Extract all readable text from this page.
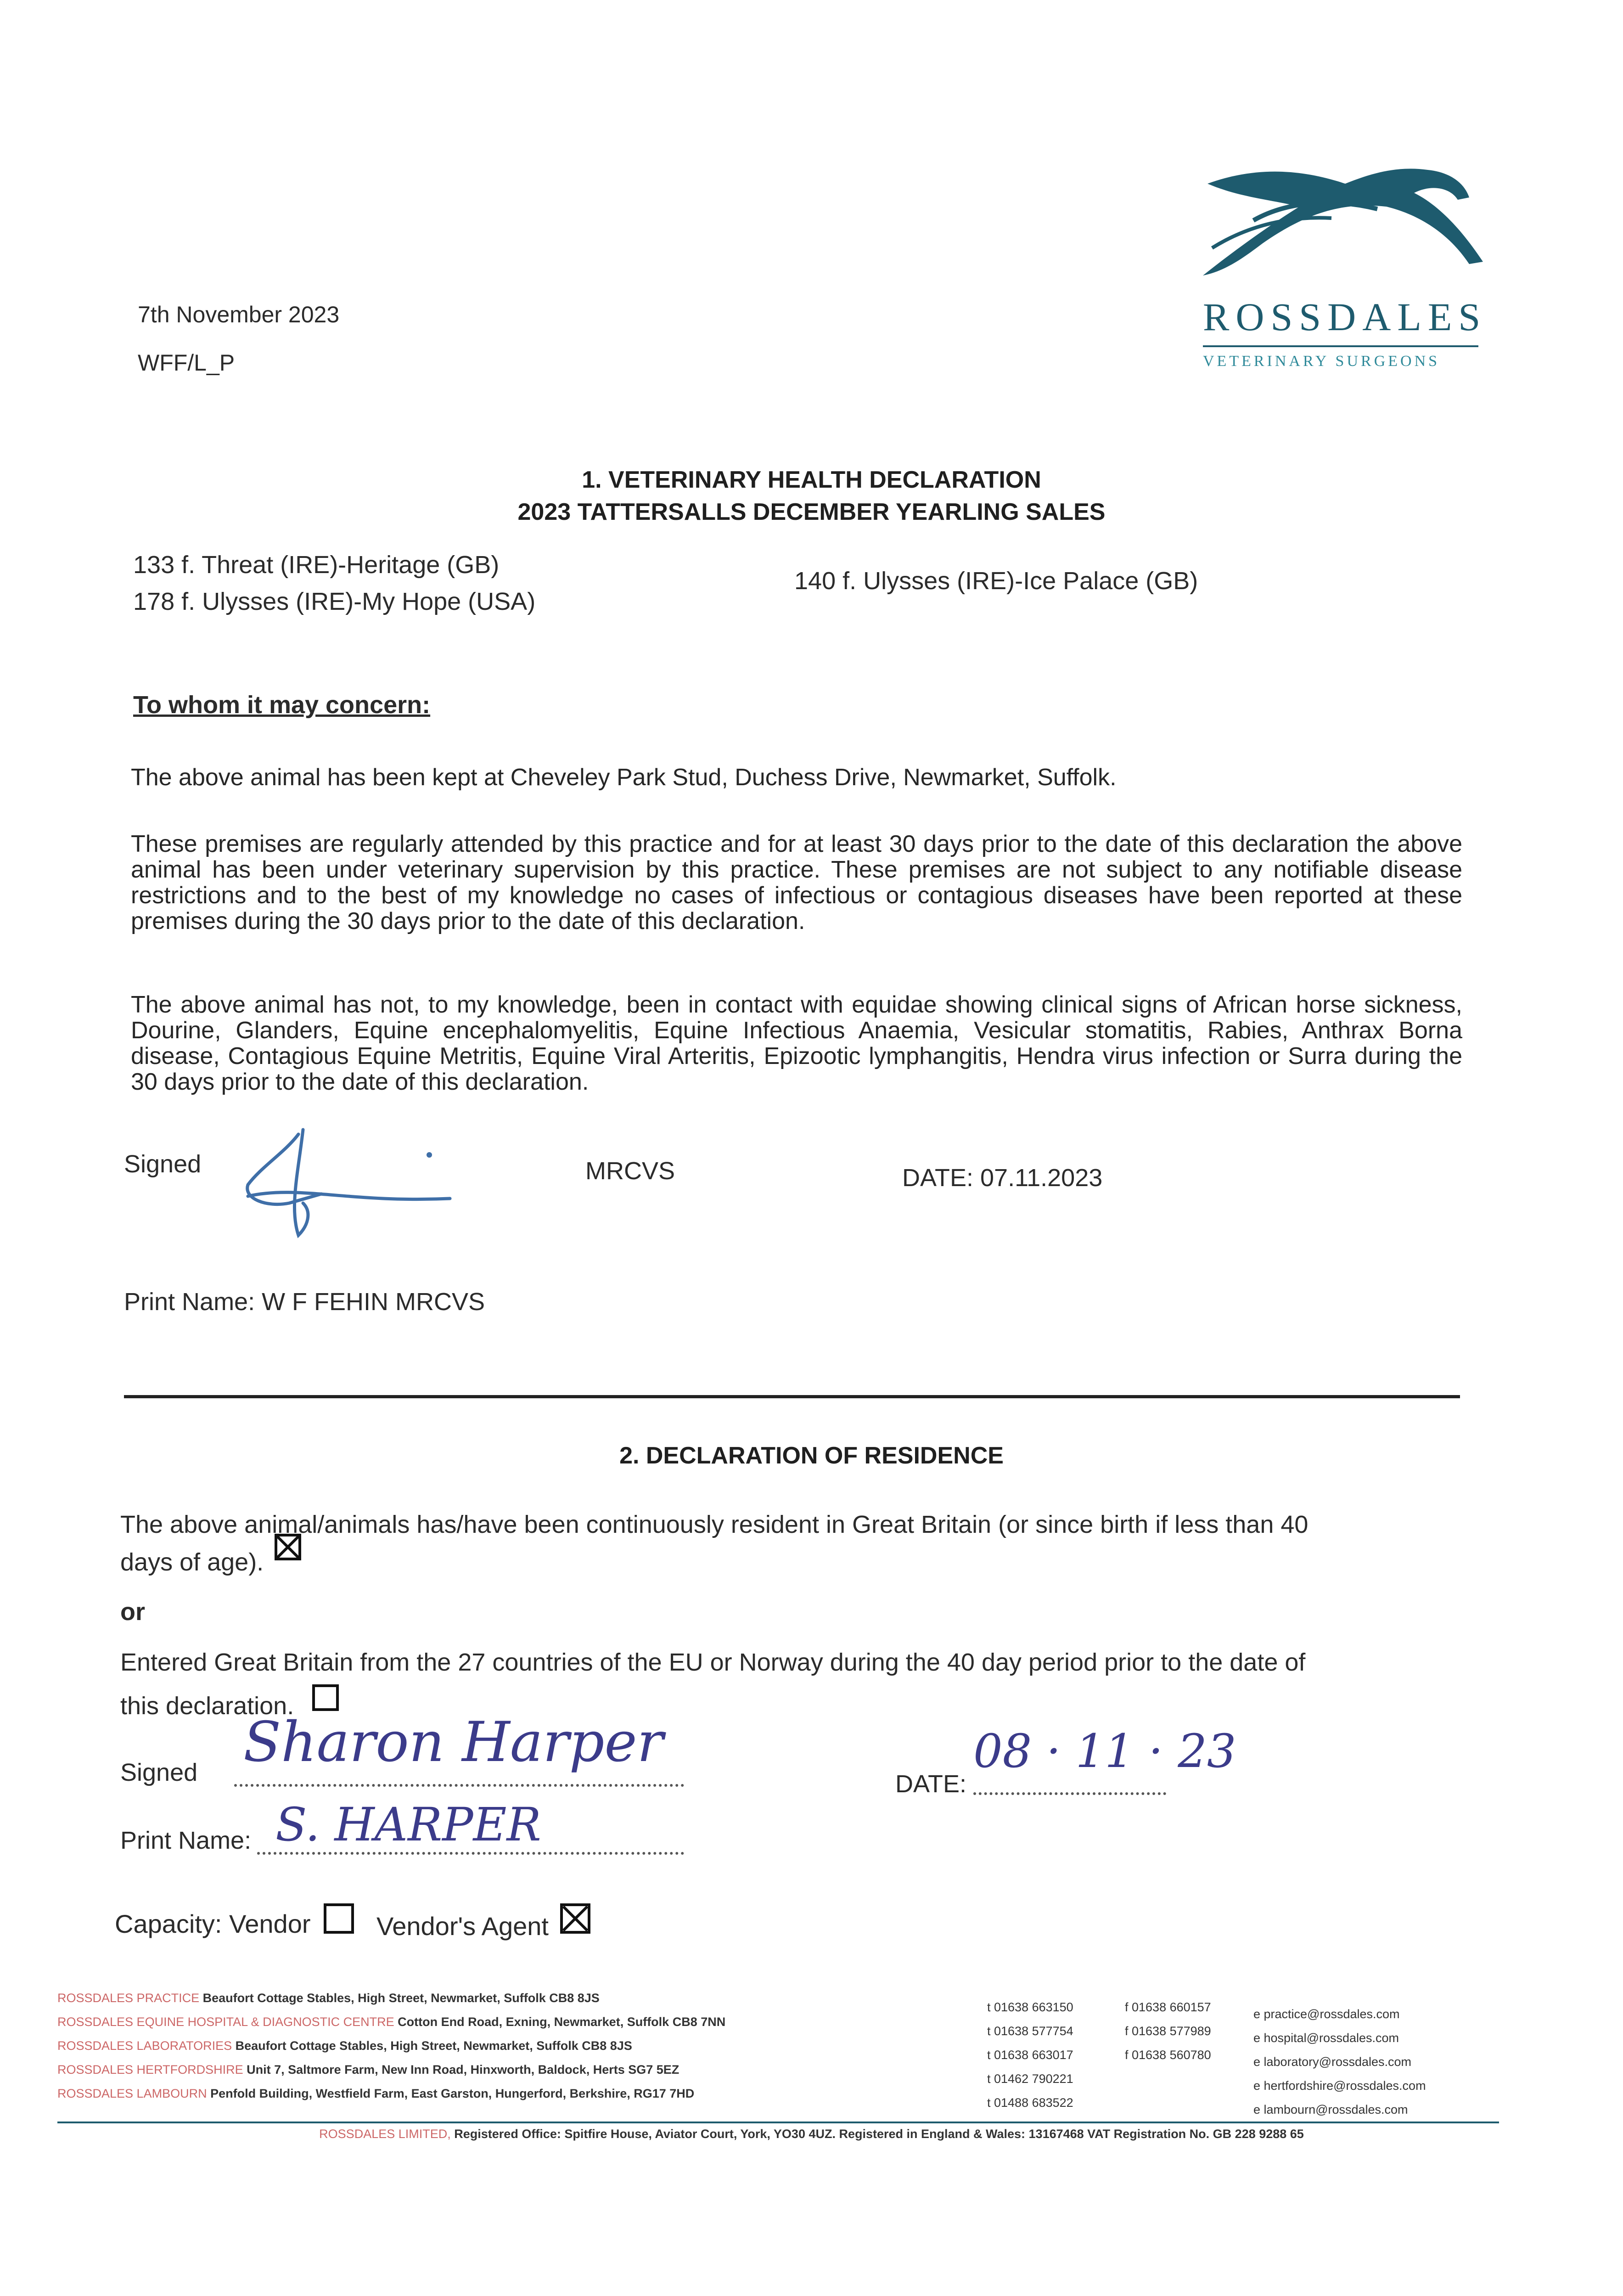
7th November 2023
WFF/L_P
ROSSDALES
VETERINARY SURGEONS
1. VETERINARY HEALTH DECLARATION
2023 TATTERSALLS DECEMBER YEARLING SALES
133 f. Threat (IRE)-Heritage (GB)
178 f. Ulysses (IRE)-My Hope (USA)
140 f. Ulysses (IRE)-Ice Palace (GB)
To whom it may concern:
The above animal has been kept at Cheveley Park Stud, Duchess Drive, Newmarket, Suffolk.
These premises are regularly attended by this practice and for at least 30 days prior to the date of this declaration the above animal has been under veterinary supervision by this practice. These premises are not subject to any notifiable disease restrictions and to the best of my knowledge no cases of infectious or contagious diseases have been reported at these premises during the 30 days prior to the date of this declaration.
The above animal has not, to my knowledge, been in contact with equidae showing clinical signs of African horse sickness, Dourine, Glanders, Equine encephalomyelitis, Equine Infectious Anaemia, Vesicular stomatitis, Rabies, Anthrax Borna disease, Contagious Equine Metritis, Equine Viral Arteritis, Epizootic lymphangitis, Hendra virus infection or Surra during the 30 days prior to the date of this declaration.
Signed	MRCVS	DATE: 07.11.2023
Print Name: W F FEHIN MRCVS
2. DECLARATION OF RESIDENCE
The above animal/animals has/have been continuously resident in Great Britain (or since birth if less than 40
days of age).
or
Entered Great Britain from the 27 countries of the EU or Norway during the 40 day period prior to the date of
this declaration.
Signed Sharon Harper
DATE:
08 · 11 · 23
Print Name: S. HARPER
Capacity: Vendor	Vendor's Agent
ROSSDALES PRACTICE Beaufort Cottage Stables, High Street, Newmarket, Suffolk CB8 8JS
ROSSDALES EQUINE HOSPITAL & DIAGNOSTIC CENTRE Cotton End Road, Exning, Newmarket, Suffolk CB8 7NN
ROSSDALES LABORATORIES Beaufort Cottage Stables, High Street, Newmarket, Suffolk CB8 8JS
ROSSDALES HERTFORDSHIRE Unit 7, Saltmore Farm, New Inn Road, Hinxworth, Baldock, Herts SG7 5EZ
ROSSDALES LAMBOURN Penfold Building, Westfield Farm, East Garston, Hungerford, Berkshire, RG17 7HD
t 01638 663150
t 01638 577754
t 01638 663017
t 01462 790221
t 01488 683522
f 01638 660157
f 01638 577989
f 01638 560780
e practice@rossdales.com
e hospital@rossdales.com
e laboratory@rossdales.com
e hertfordshire@rossdales.com
e lambourn@rossdales.com
ROSSDALES LIMITED, Registered Office: Spitfire House, Aviator Court, York, YO30 4UZ. Registered in England & Wales: 13167468 VAT Registration No. GB 228 9288 65
